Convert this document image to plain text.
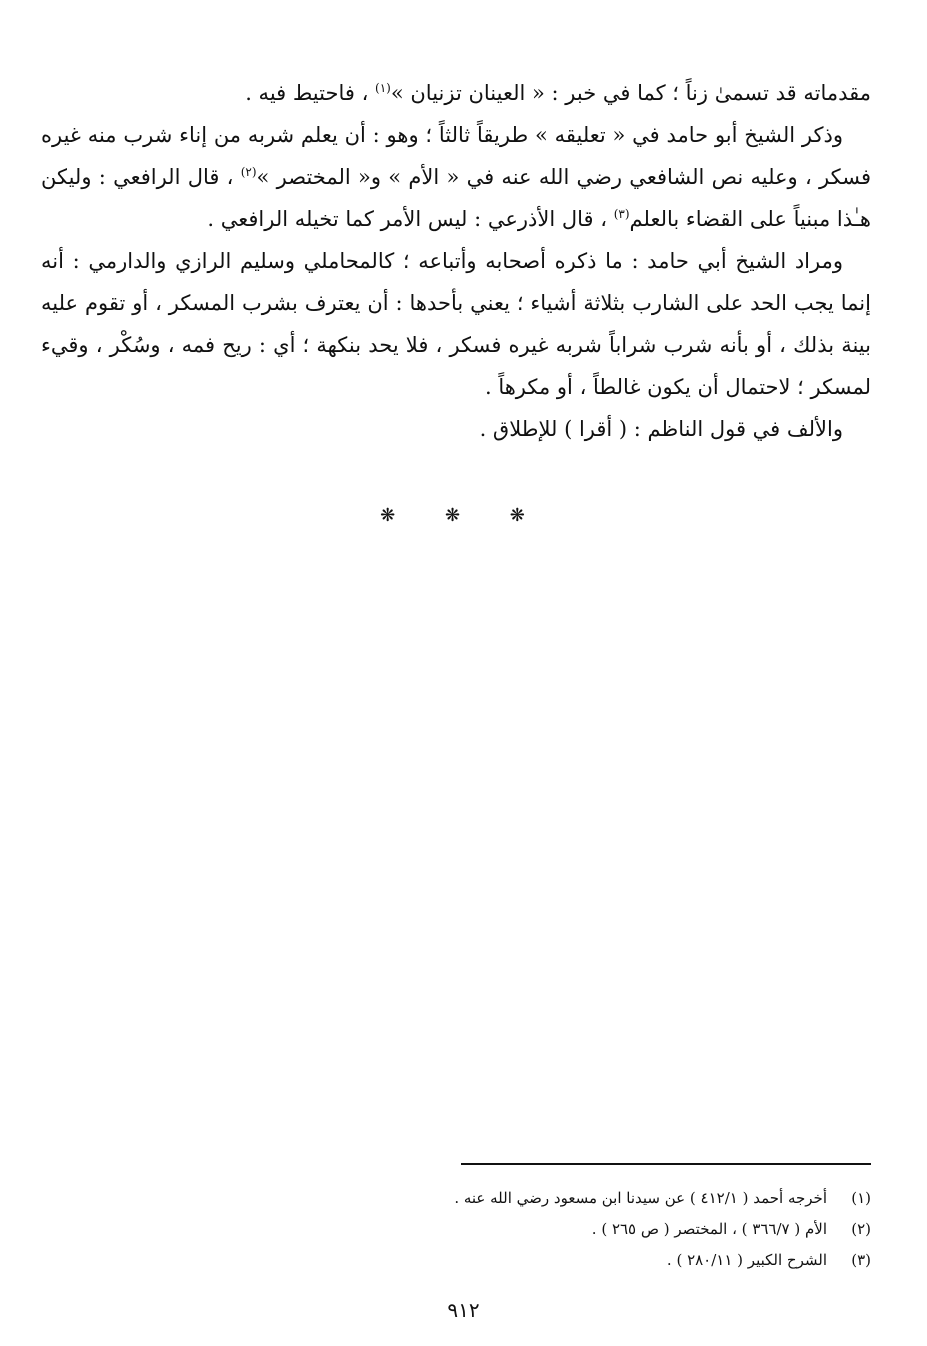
مقدماته قد تسمىٰ زناً ؛ كما في خبر : « العينان تزنيان »$^{(١)}$ ، فاحتيط فيه .

وذكر الشيخ أبو حامد في « تعليقه » طريقاً ثالثاً ؛ وهو : أن يعلم شربه من إناء شرب منه غيره فسكر ، وعليه نص الشافعي رضي الله عنه في « الأم » و« المختصر »$^{(٢)}$ ، قال الرافعي : وليكن هـٰذا مبنياً على القضاء بالعلم$^{(٣)}$ ، قال الأذرعي : ليس الأمر كما تخيله الرافعي .

ومراد الشيخ أبي حامد : ما ذكره أصحابه وأتباعه ؛ كالمحاملي وسليم الرازي والدارمي : أنه إنما يجب الحد على الشارب بثلاثة أشياء ؛ يعني بأحدها : أن يعترف بشرب المسكر ، أو تقوم عليه بينة بذلك ، أو بأنه شرب شراباً شربه غيره فسكر ، فلا يحد بنكهة ؛ أي : ريح فمه ، وسُكْر ، وقيء لمسكر ؛ لاحتمال أن يكون غالطاً ، أو مكرهاً .

والألف في قول الناظم : ( أقرا ) للإطلاق .

❋ ❋ ❋
(١)
أخرجه أحمد ( ٤١٢/١ ) عن سيدنا ابن مسعود رضي الله عنه .
(٢)
الأم ( ٣٦٦/٧ ) ، المختصر ( ص ٢٦٥ ) .
(٣)
الشرح الكبير ( ٢٨٠/١١ ) .
٩١٢
